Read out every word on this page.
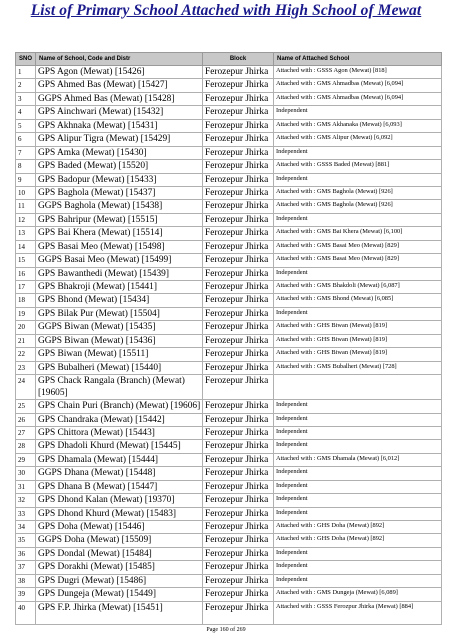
List of Primary School Attached with High School of Mewat
SNO	Name of School, Code and Distr	Block	Name of Attached School
1	GPS Agon (Mewat) [15426]	Ferozepur Jhirka	Attached with : GSSS Agon (Mewat) [818]
2	GPS Ahmed Bas (Mewat) [15427]	Ferozepur Jhirka	Attached with : GMS Ahmadbas (Mewat) [6,094]
3	GGPS Ahmed Bas (Mewat) [15428]	Ferozepur Jhirka	Attached with : GMS Ahmadbas (Mewat) [6,094]
4	GPS Ainchwari (Mewat) [15432]	Ferozepur Jhirka	Independent
5	GPS Akhnaka (Mewat) [15431]	Ferozepur Jhirka	Attached with : GMS Akhanaka (Mewat) [6,093]
6	GPS Alipur Tigra (Mewat) [15429]	Ferozepur Jhirka	Attached with : GMS Alipur (Mewat) [6,092]
7	GPS Amka (Mewat) [15430]	Ferozepur Jhirka	Independent
8	GPS Baded (Mewat) [15520]	Ferozepur Jhirka	Attached with : GSSS Baded (Mewat) [881]
9	GPS Badopur (Mewat) [15433]	Ferozepur Jhirka	Independent
10	GPS Baghola (Mewat) [15437]	Ferozepur Jhirka	Attached with : GMS Baghola (Mewat) [926]
11	GGPS Baghola (Mewat) [15438]	Ferozepur Jhirka	Attached with : GMS Baghola (Mewat) [926]
12	GPS Bahripur (Mewat) [15515]	Ferozepur Jhirka	Independent
13	GPS Bai Khera (Mewat) [15514]	Ferozepur Jhirka	Attached with : GMS Bai Khera (Mewat) [6,100]
14	GPS Basai Meo (Mewat) [15498]	Ferozepur Jhirka	Attached with : GMS Basai Meo (Mewat) [829]
15	GGPS Basai Meo (Mewat) [15499]	Ferozepur Jhirka	Attached with : GMS Basai Meo (Mewat) [829]
16	GPS Bawanthedi (Mewat) [15439]	Ferozepur Jhirka	Independent
17	GPS Bhakroji (Mewat) [15441]	Ferozepur Jhirka	Attached with : GMS Bhakdoli (Mewat) [6,087]
18	GPS Bhond (Mewat) [15434]	Ferozepur Jhirka	Attached with : GMS Bhond (Mewat) [6,085]
19	GPS Bilak Pur (Mewat) [15504]	Ferozepur Jhirka	Independent
20	GGPS Biwan (Mewat) [15435]	Ferozepur Jhirka	Attached with : GHS Biwan (Mewat) [819]
21	GGPS Biwan (Mewat) [15436]	Ferozepur Jhirka	Attached with : GHS Biwan (Mewat) [819]
22	GPS Biwan (Mewat) [15511]	Ferozepur Jhirka	Attached with : GHS Biwan (Mewat) [819]
23	GPS Bubalheri (Mewat) [15440]	Ferozepur Jhirka	Attached with : GMS Bubalheri (Mewat) [728]
24	GPS Chack Rangala (Branch) (Mewat) [19605]	Ferozepur Jhirka	
25	GPS Chain Puri (Branch) (Mewat) [19606]	Ferozepur Jhirka	Independent
26	GPS Chandraka (Mewat) [15442]	Ferozepur Jhirka	Independent
27	GPS Chittora (Mewat) [15443]	Ferozepur Jhirka	Independent
28	GPS Dhadoli Khurd (Mewat) [15445]	Ferozepur Jhirka	Independent
29	GPS Dhamala (Mewat) [15444]	Ferozepur Jhirka	Attached with : GMS Dhamala (Mewat) [6,012]
30	GGPS Dhana (Mewat) [15448]	Ferozepur Jhirka	Independent
31	GPS Dhana B (Mewat) [15447]	Ferozepur Jhirka	Independent
32	GPS Dhond Kalan (Mewat) [19370]	Ferozepur Jhirka	Independent
33	GPS Dhond Khurd (Mewat) [15483]	Ferozepur Jhirka	Independent
34	GPS Doha (Mewat) [15446]	Ferozepur Jhirka	Attached with : GHS Doha (Mewat) [892]
35	GGPS Doha (Mewat) [15509]	Ferozepur Jhirka	Attached with : GHS Doha (Mewat) [892]
36	GPS Dondal (Mewat) [15484]	Ferozepur Jhirka	Independent
37	GPS Dorakhi (Mewat) [15485]	Ferozepur Jhirka	Independent
38	GPS Dugri (Mewat) [15486]	Ferozepur Jhirka	Independent
39	GPS Dungeja (Mewat) [15449]	Ferozepur Jhirka	Attached with : GMS Dungeja (Mewat) [6,089]
40	GPS F.P. Jhirka (Mewat) [15451]	Ferozepur Jhirka	Attached with : GSSS Ferozpur Jhirka (Mewat) [884]
Page 160 of 269
